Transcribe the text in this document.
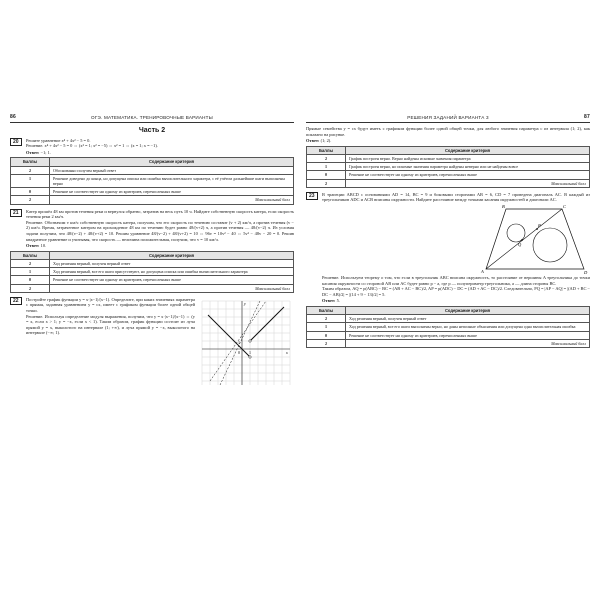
86	ОГЭ. МАТЕМАТИКА. ТРЕНИРОВОЧНЫЕ ВАРИАНТЫ
Часть 2
20	Решите уравнение x⁴ + 4x² − 5 = 0.

Решение. x⁴ + 4x² − 5 = 0 ⇔ (x² = 1; x² = −5) ⇔ x² = 1 ⇔ (x = 1; x = −1).

Ответ: −1; 1.
Баллы	Содержание критерия
2	Обоснованно получен верный ответ
1	Решение доведено до конца, но допущена описка или ошибка вычислительного характера, с её учётом дальнейшие шаги выполнены верно
0	Решение не соответствует ни одному из критериев, перечисленных выше
2	Максимальный балл
21	Катер прошёл 48 км против течения реки и вернулся обратно, затратив на весь путь 10 ч. Найдите собственную скорость катера, если скорость течения реки 2 км/ч.

Решение. Обозначим v км/ч собственную скорость катера, получим, что его скорость по течению составит (v + 2) км/ч, а против течения (v − 2) км/ч. Время, затраченное катером на прохождение 48 км по течению будет равно 48/(v+2) ч, а против течения — 48/(v−2) ч. Из условия задачи получим, что 48/(v−2) + 48/(v+2) = 10. Решим уравнение 48/(v−2) + 48/(v+2) = 10 ⇔ 96v = 10v² − 40 ⇔ 5v² − 48v − 20 = 0. Решив квадратное уравнение и учитывая, что скорость — величина положительная, получим, что v = 10 км/ч.

Ответ: 10.
Баллы	Содержание критерия
2	Ход решения верный, получен верный ответ
1	Ход решения верный, все его шаги присутствуют, но допущена описка или ошибка вычислительного характера
0	Решение не соответствует ни одному из критериев, перечисленных выше
2	Максимальный балл
22	y
x
0 1
1

Постройте график функции y = x·|x−1|/(x−1). Определите, при каких значениях параметра c прямая, заданная уравнением y = cx, имеет с графиком функции более одной общей точки.

Решение. Используя определение модуля выражения, получим, что y = x·|x−1|/(x−1) ⇔ (y = x, если x > 1; y = −x, если x < 1). Таким образом, график функции состоит из луча прямой y = x, выколотого на интервале (1; +∞), и луча прямой y = −x, выколотого на интервале (−∞; 1).

РЕШЕНИЯ ЗАДАНИЙ ВАРИАНТА 3	87

Прямые семейства y = cx будут иметь с графиком функции более одной общей точки, для любого значения параметра c из интервала (1; 2), как показано на рисунке.

Ответ: (1; 2).
Баллы	Содержание критерия
2	График построен верно. Верно найдены искомые значения параметра
1	График построен верно, но искомые значения параметра найдены неверно или не найдены вовсе
0	Решение не соответствует ни одному из критериев, перечисленных выше
2	Максимальный балл
23	В трапеции ABCD с основаниями AD = 14, BC = 9 и боковыми сторонами AB = 6, CD = 7 проведена диагональ AC. В каждый из треугольников ADC и ACB вписаны окружности. Найдите расстояние между точками касания окружностей и диагонали AC.

A
B	C
D
Q
P

Решение. Используем теорему о том, что если в треугольник ABC вписана окружность, то расстояние от вершины A треугольника до точки касания окружности со стороной AB или AC будет равно p − a, где p — полупериметр треугольника, a — длина стороны BC.

Таким образом, AQ = p(ABC) − BC = (AB + AC − BC)/2, AP = p(ADC) − DC = (AD + AC − DC)/2. Следовательно, PQ = |AP − AQ| = |(AD + BC − DC − AB)/2| = |(14 + 9 − 13)/2| = 5.

Ответ: 5.
Баллы	Содержание критерия
2	Ход решения верный, получен верный ответ
1	Ход решения верный, все его шаги выполнены верно, но даны неполные объяснения или допущена одна вычислительная ошибка
0	Решение не соответствует ни одному из критериев, перечисленных выше
2	Максимальный балл
